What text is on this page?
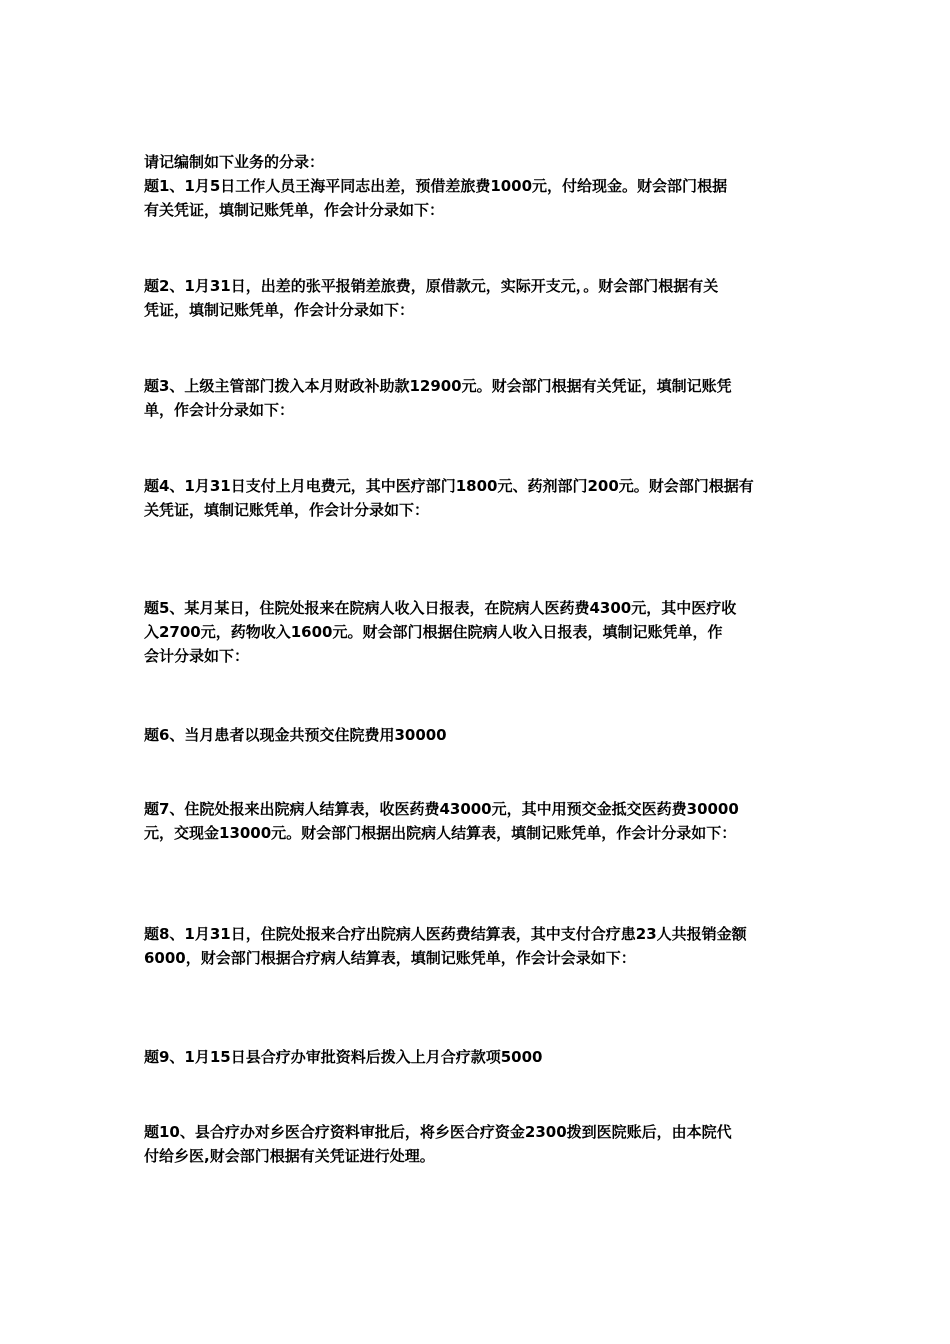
请记编制如下业务的分录：

题1、1月5日工作人员王海平同志出差，预借差旅费1000元，付给现金。财会部门根据
有关凭证，填制记账凭单，作会计分录如下：

题2、1月31日，出差的张平报销差旅费，原借款元，实际开支元，。财会部门根据有关
凭证，填制记账凭单，作会计分录如下：

题3、上级主管部门拨入本月财政补助款12900元。财会部门根据有关凭证，填制记账凭
单，作会计分录如下：

题4、1月31日支付上月电费元，其中医疗部门1800元、药剂部门200元。财会部门根据有
关凭证，填制记账凭单，作会计分录如下：

题5、某月某日，住院处报来在院病人收入日报表，在院病人医药费4300元，其中医疗收
入2700元，药物收入1600元。财会部门根据住院病人收入日报表，填制记账凭单，作
会计分录如下：

题6、当月患者以现金共预交住院费用30000

题7、住院处报来出院病人结算表，收医药费43000元，其中用预交金抵交医药费30000
元，交现金13000元。财会部门根据出院病人结算表，填制记账凭单，作会计分录如下：

题8、1月31日，住院处报来合疗出院病人医药费结算表，其中支付合疗患23人共报销金额
6000，财会部门根据合疗病人结算表，填制记账凭单，作会计会录如下：

题9、1月15日县合疗办审批资料后拨入上月合疗款项5000

题10、县合疗办对乡医合疗资料审批后，将乡医合疗资金2300拨到医院账后，由本院代
付给乡医,财会部门根据有关凭证进行处理。
